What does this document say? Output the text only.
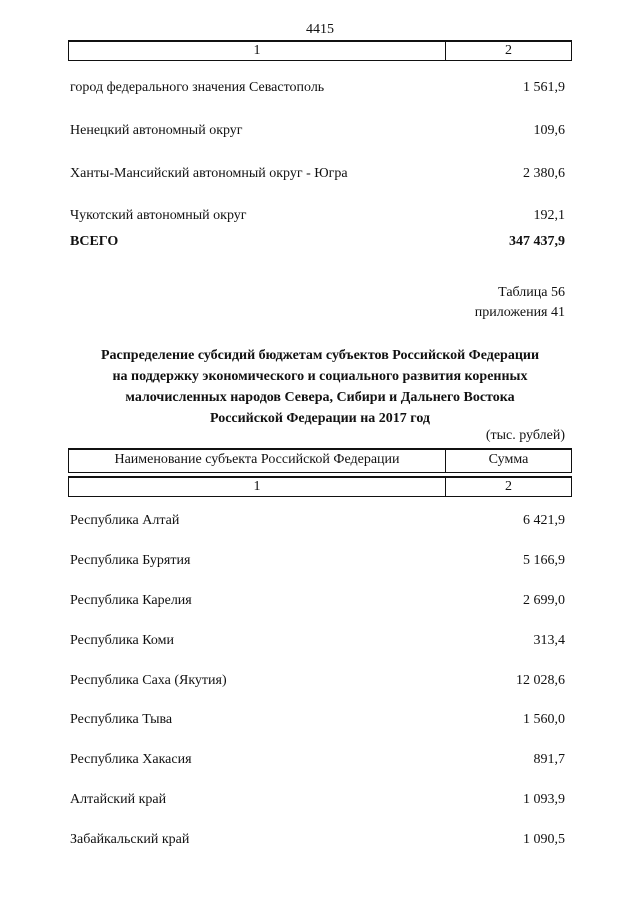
4415
1	2
город федерального значения Севастополь	1 561,9
Ненецкий автономный округ	109,6
Ханты-Мансийский автономный округ - Югра	2 380,6
Чукотский автономный округ	192,1
ВСЕГО	347 437,9
Таблица 56
приложения 41
Распределение субсидий бюджетам субъектов Российской Федерации
на поддержку экономического и социального развития коренных
малочисленных народов Севера, Сибири и Дальнего Востока
Российской Федерации на 2017 год
(тыс. рублей)
Наименование субъекта Российской Федерации	Сумма
1	2
Республика Алтай	6 421,9
Республика Бурятия	5 166,9
Республика Карелия	2 699,0
Республика Коми	313,4
Республика Саха (Якутия)	12 028,6
Республика Тыва	1 560,0
Республика Хакасия	891,7
Алтайский край	1 093,9
Забайкальский край	1 090,5
